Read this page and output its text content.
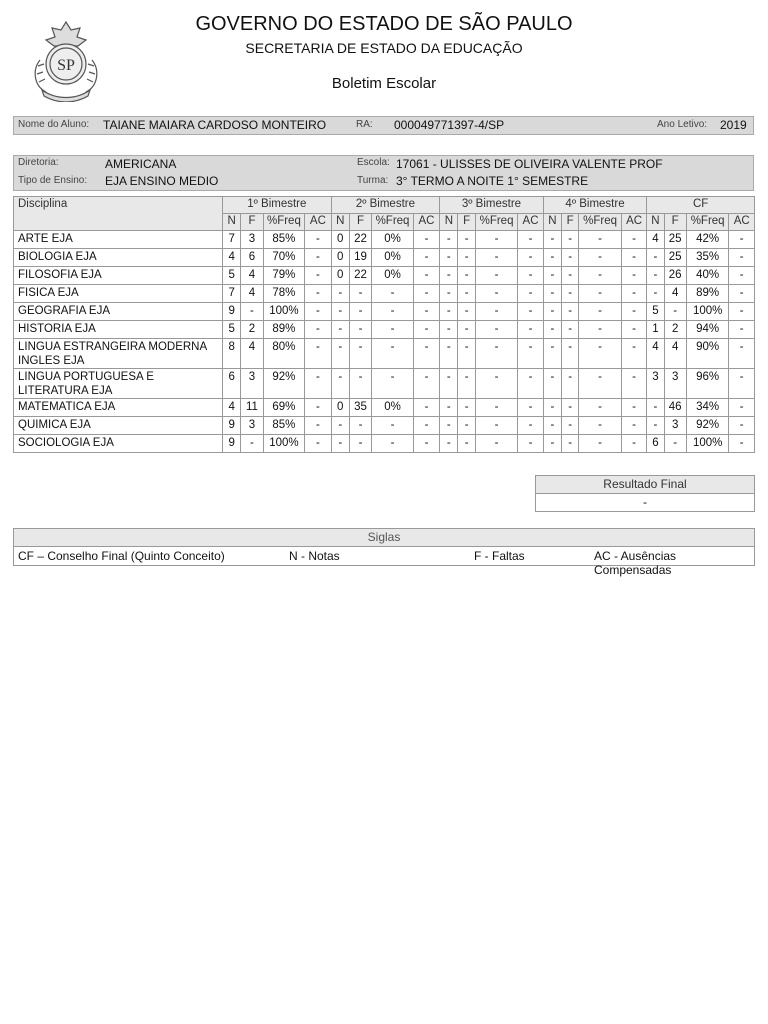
SP
GOVERNO DO ESTADO DE SÃO PAULO
SECRETARIA DE ESTADO DA EDUCAÇÃO
Boletim Escolar
Nome do Aluno: TAIANE MAIARA CARDOSO MONTEIRO	RA: 000049771397-4/SP	Ano Letivo: 2019
Diretoria:	AMERICANA
Tipo de Ensino: EJA ENSINO MEDIO
Escola: 17061 - ULISSES DE OLIVEIRA VALENTE PROF
Turma: 3° TERMO A NOITE 1° SEMESTRE
Disciplina	1º Bimestre				2º Bimestre				3º Bimestre				4º Bimestre				CF			
	N	F	%Freq	AC	N	F	%Freq	AC	N	F	%Freq	AC	N	F	%Freq	AC	N	F	%Freq	AC
ARTE EJA	7	3	85%	-	0	22	0%	-	-	-	-	-	-	-	-	-	4	25	42%	-
BIOLOGIA EJA	4	6	70%	-	0	19	0%	-	-	-	-	-	-	-	-	-	-	25	35%	-
FILOSOFIA EJA	5	4	79%	-	0	22	0%	-	-	-	-	-	-	-	-	-	-	26	40%	-
FISICA EJA	7	4	78%	-	-	-	-	-	-	-	-	-	-	-	-	-	-	4	89%	-
GEOGRAFIA EJA	9	-	100%	-	-	-	-	-	-	-	-	-	-	-	-	-	5	-	100%	-
HISTORIA EJA	5	2	89%	-	-	-	-	-	-	-	-	-	-	-	-	-	1	2	94%	-
LINGUA ESTRANGEIRA MODERNA INGLES EJA	8	4	80%	-	-	-	-	-	-	-	-	-	-	-	-	-	4	4	90%	-
LINGUA PORTUGUESA E LITERATURA EJA	6	3	92%	-	-	-	-	-	-	-	-	-	-	-	-	-	3	3	96%	-
MATEMATICA EJA	4	11	69%	-	0	35	0%	-	-	-	-	-	-	-	-	-	-	46	34%	-
QUIMICA EJA	9	3	85%	-	-	-	-	-	-	-	-	-	-	-	-	-	-	3	92%	-
SOCIOLOGIA EJA	9	-	100%	-	-	-	-	-	-	-	-	-	-	-	-	-	6	-	100%	-
Resultado Final
-
Siglas
CF – Conselho Final (Quinto Conceito)	N - Notas	F - Faltas	AC - Ausências Compensadas
